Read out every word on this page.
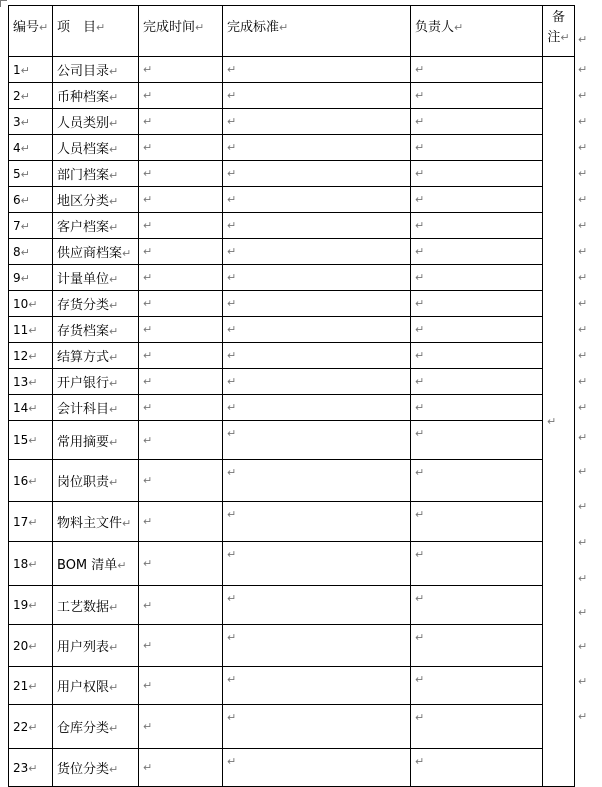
编号↵	项　目↵	完成时间↵	完成标准↵	负责人↵	备
注↵

1↵	公司目录↵	↵	↵	↵	↵
2↵	币种档案↵	↵	↵	↵	
3↵	人员类别↵	↵	↵	↵	
4↵	人员档案↵	↵	↵	↵	
5↵	部门档案↵	↵	↵	↵	
6↵	地区分类↵	↵	↵	↵	
7↵	客户档案↵	↵	↵	↵	
8↵	供应商档案↵	↵	↵	↵	
9↵	计量单位↵	↵	↵	↵	
10↵	存货分类↵	↵	↵	↵	
11↵	存货档案↵	↵	↵	↵	
12↵	结算方式↵	↵	↵	↵	
13↵	开户银行↵	↵	↵	↵	
14↵	会计科目↵	↵	↵	↵	
15↵	常用摘要↵	↵	↵	↵	
16↵	岗位职责↵	↵	↵	↵	
17↵	物料主文件↵	↵	↵	↵	
18↵	BOM 清单↵	↵	↵	↵	
19↵	工艺数据↵	↵	↵	↵	
20↵	用户列表↵	↵	↵	↵	
21↵	用户权限↵	↵	↵	↵	
22↵	仓库分类↵	↵	↵	↵	
23↵	货位分类↵	↵	↵	↵	
↵
↵
↵
↵
↵
↵
↵
↵
↵
↵
↵
↵
↵
↵
↵
↵
↵
↵
↵
↵
↵
↵
↵
↵
